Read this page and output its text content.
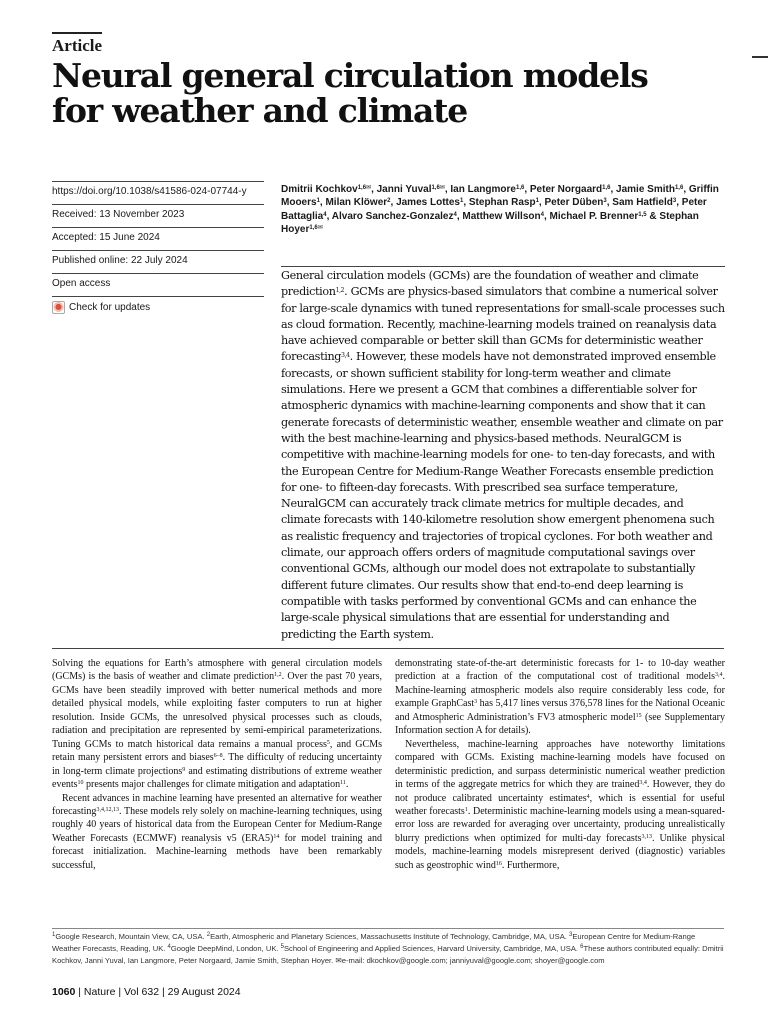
Article
Neural general circulation models for weather and climate
https://doi.org/10.1038/s41586-024-07744-y
Received: 13 November 2023
Accepted: 15 June 2024
Published online: 22 July 2024
Open access
Check for updates

Dmitrii Kochkov$^{1,6✉}$, Janni Yuval$^{1,6✉}$, Ian Langmore$^{1,6}$, Peter Norgaard$^{1,6}$, Jamie Smith$^{1,6}$, Griffin Mooers$^1$, Milan Klöwer$^2$, James Lottes$^1$, Stephan Rasp$^1$, Peter Düben$^3$, Sam Hatfield$^3$, Peter Battaglia$^4$, Alvaro Sanchez-Gonzalez$^4$, Matthew Willson$^4$, Michael P. Brenner$^{1,5}$ & Stephan Hoyer$^{1,6✉}$

General circulation models (GCMs) are the foundation of weather and climate prediction$^{1,2}$. GCMs are physics-based simulators that combine a numerical solver for large-scale dynamics with tuned representations for small-scale processes such as cloud formation. Recently, machine-learning models trained on reanalysis data have achieved comparable or better skill than GCMs for deterministic weather forecasting$^{3,4}$. However, these models have not demonstrated improved ensemble forecasts, or shown sufficient stability for long-term weather and climate simulations. Here we present a GCM that combines a differentiable solver for atmospheric dynamics with machine-learning components and show that it can generate forecasts of deterministic weather, ensemble weather and climate on par with the best machine-learning and physics-based methods. NeuralGCM is competitive with machine-learning models for one- to ten-day forecasts, and with the European Centre for Medium-Range Weather Forecasts ensemble prediction for one- to fifteen-day forecasts. With prescribed sea surface temperature, NeuralGCM can accurately track climate metrics for multiple decades, and climate forecasts with 140-kilometre resolution show emergent phenomena such as realistic frequency and trajectories of tropical cyclones. For both weather and climate, our approach offers orders of magnitude computational savings over conventional GCMs, although our model does not extrapolate to substantially different future climates. Our results show that end-to-end deep learning is compatible with tasks performed by conventional GCMs and can enhance the large-scale physical simulations that are essential for understanding and predicting the Earth system.

Solving the equations for Earth’s atmosphere with general circulation models (GCMs) is the basis of weather and climate prediction$^{1,2}$. Over the past 70 years, GCMs have been steadily improved with better numerical methods and more detailed physical models, while exploiting faster computers to run at higher resolution. Inside GCMs, the unresolved physical processes such as clouds, radiation and precipitation are represented by semi-empirical parameterizations. Tuning GCMs to match historical data remains a manual process$^5$, and GCMs retain many persistent errors and biases$^{6-8}$. The difficulty of reducing uncertainty in long-term climate projections$^9$ and estimating distributions of extreme weather events$^{10}$ presents major challenges for climate mitigation and adaptation$^{11}$.

Recent advances in machine learning have presented an alternative for weather forecasting$^{3,4,12,13}$. These models rely solely on machine-learning techniques, using roughly 40 years of historical data from the European Center for Medium-Range Weather Forecasts (ECMWF) reanalysis v5 $(ERA5)^{14}$ for model training and forecast initialization. Machine-learning methods have been remarkably successful,

demonstrating state-of-the-art deterministic forecasts for 1- to 10-day weather prediction at a fraction of the computational cost of traditional models$^{3,4}$. Machine-learning atmospheric models also require considerably less code, for example GraphCast$^3$ has 5,417 lines versus 376,578 lines for the National Oceanic and Atmospheric Administration’s FV3 atmospheric model$^{15}$ (see Supplementary Information section A for details).

Nevertheless, machine-learning approaches have noteworthy limitations compared with GCMs. Existing machine-learning models have focused on deterministic prediction, and surpass deterministic numerical weather prediction in terms of the aggregate metrics for which they are trained$^{3,4}$. However, they do not produce calibrated uncertainty estimates$^4$, which is essential for useful weather forecasts$^1$. Deterministic machine-learning models using a mean-squared-error loss are rewarded for averaging over uncertainty, producing unrealistically blurry predictions when optimized for multi-day forecasts$^{3,13}$. Unlike physical models, machine-learning models misrepresent derived (diagnostic) variables such as geostrophic wind$^{16}$. Furthermore,

$^1$Google Research, Mountain View, CA, USA. $^2$Earth, Atmospheric and Planetary Sciences, Massachusetts Institute of Technology, Cambridge, MA, USA. $^3$European Centre for Medium-Range Weather Forecasts, Reading, UK. $^4$Google DeepMind, London, UK. $^5$School of Engineering and Applied Sciences, Harvard University, Cambridge, MA, USA. $^6$These authors contributed equally: Dmitrii Kochkov, Janni Yuval, Ian Langmore, Peter Norgaard, Jamie Smith, Stephan Hoyer. ✉e-mail: dkochkov@google.com; janniyuval@google.com; shoyer@google.com

1060 | Nature | Vol 632 | 29 August 2024
